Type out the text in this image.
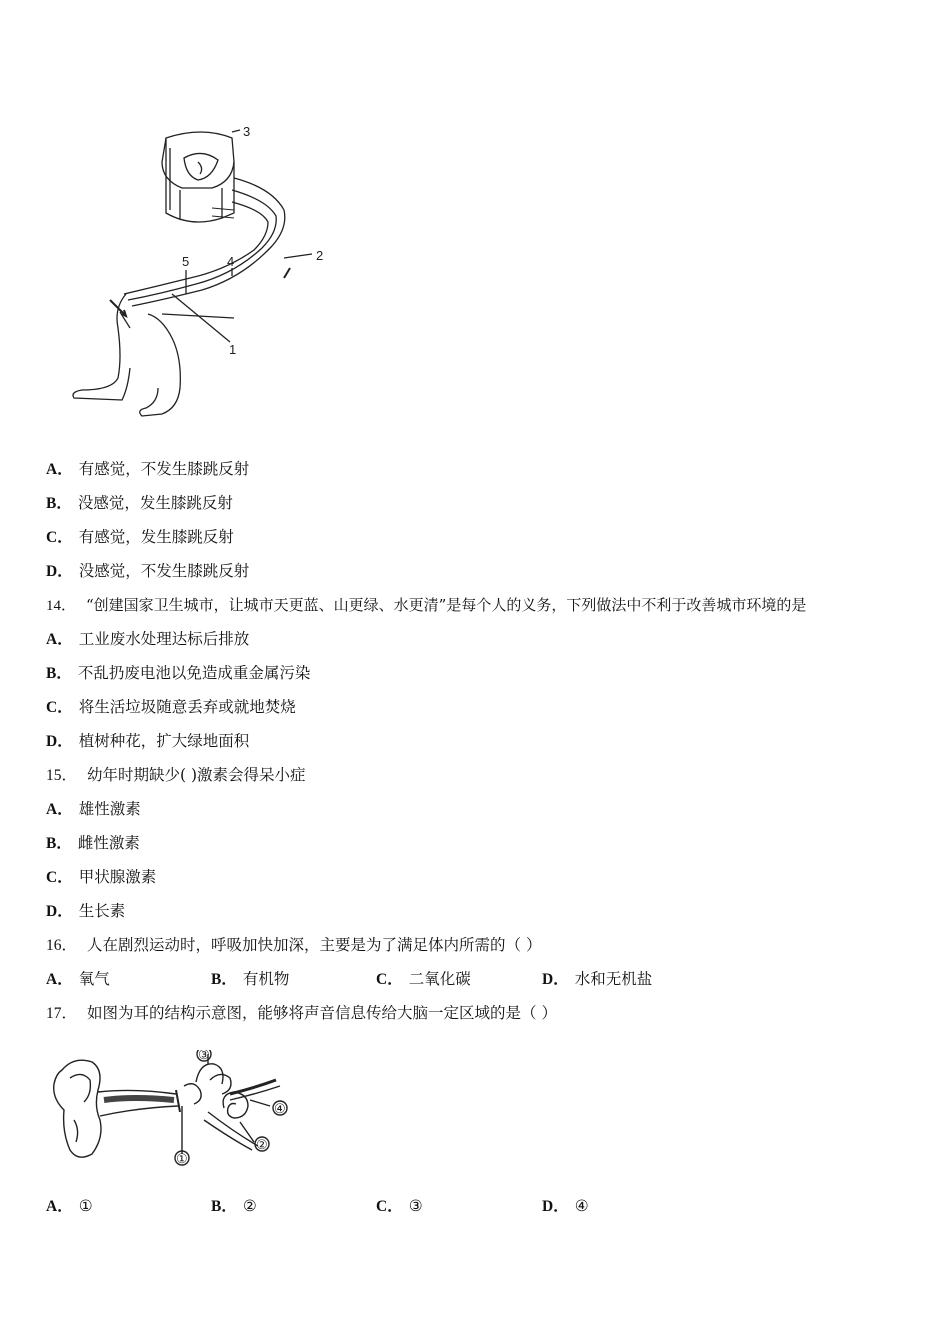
3
2
5	4
1
A． 有感觉，不发生膝跳反射
B． 没感觉，发生膝跳反射
C． 有感觉，发生膝跳反射
D． 没感觉，不发生膝跳反射
14． “创建国家卫生城市，让城市天更蓝、山更绿、水更清”是每个人的义务，下列做法中不利于改善城市环境的是
A． 工业废水处理达标后排放
B． 不乱扔废电池以免造成重金属污染
C． 将生活垃圾随意丢弃或就地焚烧
D． 植树种花，扩大绿地面积
15． 幼年时期缺少( )激素会得呆小症
A． 雄性激素
B． 雌性激素
C． 甲状腺激素
D． 生长素
16． 人在剧烈运动时，呼吸加快加深，主要是为了满足体内所需的（ ）
A． 氧气	B． 有机物	C． 二氧化碳	D． 水和无机盐
17． 如图为耳的结构示意图，能够将声音信息传给大脑一定区域的是（ ）
③
④
②
①
A． ①	B． ②	C． ③	D． ④
